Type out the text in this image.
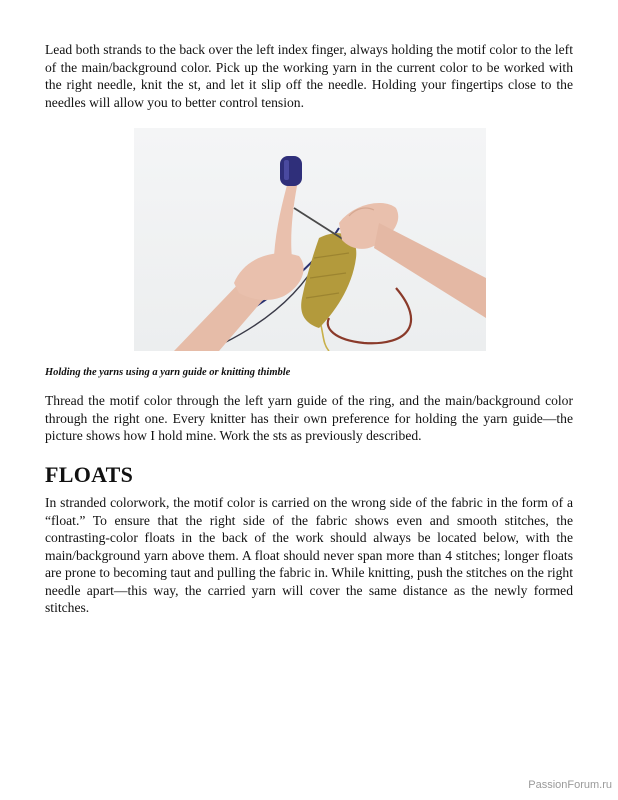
Lead both strands to the back over the left index finger, always holding the motif color to the left of the main/background color. Pick up the working yarn in the current color to be worked with the right needle, knit the st, and let it slip off the needle. Holding your fingertips close to the needles will allow you to better control tension.

Holding the yarns using a yarn guide or knitting thimble

Thread the motif color through the left yarn guide of the ring, and the main/background color through the right one. Every knitter has their own preference for holding the yarn guide—the picture shows how I hold mine. Work the sts as previously described.

FLOATS

In stranded colorwork, the motif color is carried on the wrong side of the fabric in the form of a “float.” To ensure that the right side of the fabric shows even and smooth stitches, the contrasting-color floats in the back of the work should always be located below, with the main/background yarn above them. A float should never span more than 4 stitches; longer floats are prone to becoming taut and pulling the fabric in. While knitting, push the stitches on the right needle apart—this way, the carried yarn will cover the same distance as the newly formed stitches.

PassionForum.ru
